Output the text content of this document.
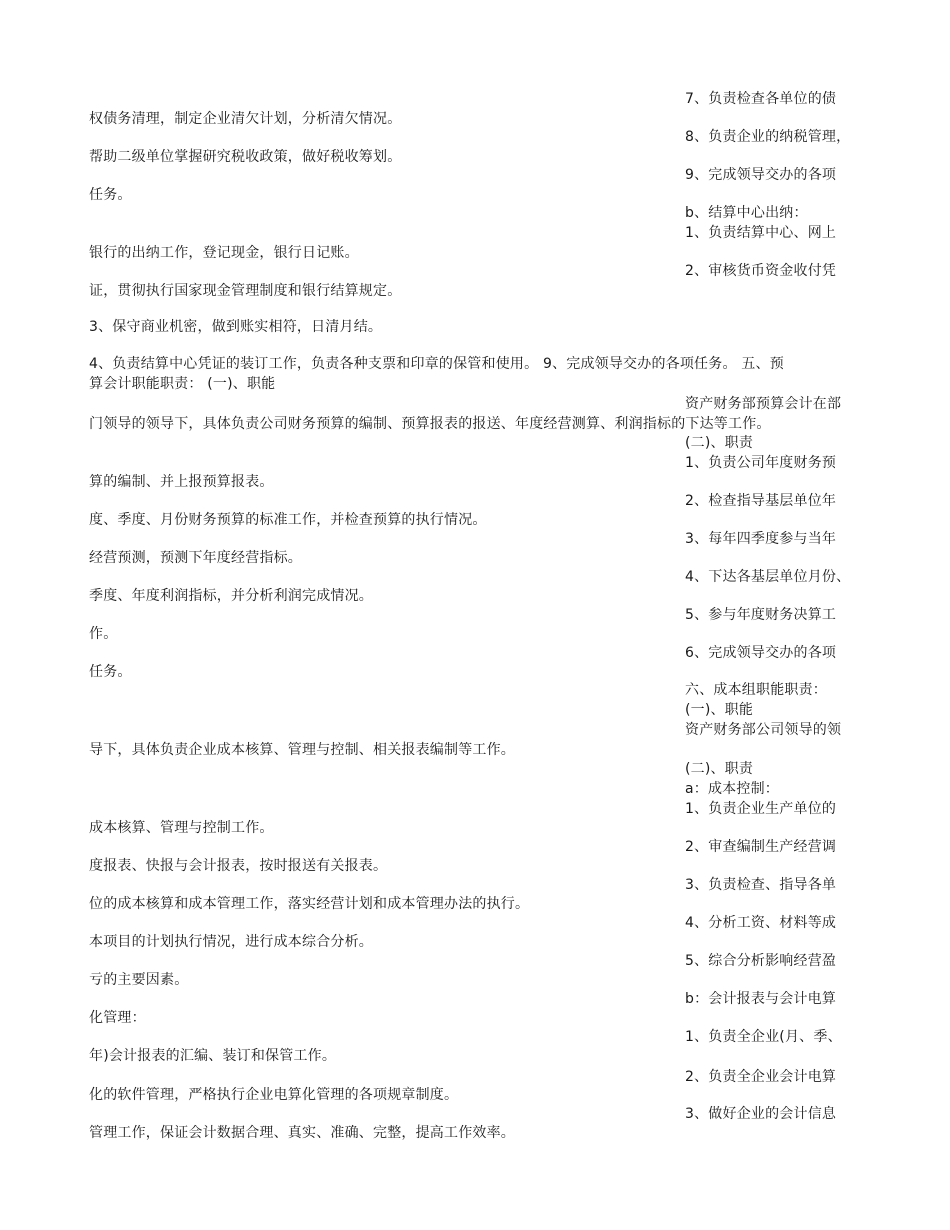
权债务清理，制定企业清欠计划，分析清欠情况。
帮助二级单位掌握研究税收政策，做好税收筹划。
任务。
银行的出纳工作，登记现金，银行日记账。
证，贯彻执行国家现金管理制度和银行结算规定。
3、保守商业机密，做到账实相符，日清月结。
4、负责结算中心凭证的装订工作，负责各种支票和印章的保管和使用。 9、完成领导交办的各项任务。 五、预
算会计职能职责： (一)、职能
门领导的领导下，具体负责公司财务预算的编制、预算报表的报送、年度经营测算、利润指标的下达等工作。
算的编制、并上报预算报表。
度、季度、月份财务预算的标准工作，并检查预算的执行情况。
经营预测，预测下年度经营指标。
季度、年度利润指标，并分析利润完成情况。
作。
任务。
导下，具体负责企业成本核算、管理与控制、相关报表编制等工作。
成本核算、管理与控制工作。
度报表、快报与会计报表，按时报送有关报表。
位的成本核算和成本管理工作，落实经营计划和成本管理办法的执行。
本项目的计划执行情况，进行成本综合分析。
亏的主要因素。
化管理：
年)会计报表的汇编、装订和保管工作。
化的软件管理，严格执行企业电算化管理的各项规章制度。
管理工作，保证会计数据合理、真实、准确、完整，提高工作效率。
7、负责检查各单位的债
8、负责企业的纳税管理，
9、完成领导交办的各项
b、结算中心出纳：
1、负责结算中心、网上
2、审核货币资金收付凭
资产财务部预算会计在部
(二)、职责
1、负责公司年度财务预
2、检查指导基层单位年
3、每年四季度参与当年
4、下达各基层单位月份、
5、参与年度财务决算工
6、完成领导交办的各项
六、成本组职能职责：
(一)、职能
资产财务部公司领导的领
(二)、职责
a：成本控制：
1、负责企业生产单位的
2、审查编制生产经营调
3、负责检查、指导各单
4、分析工资、材料等成
5、综合分析影响经营盈
b：会计报表与会计电算
1、负责全企业(月、季、
2、负责全企业会计电算
3、做好企业的会计信息
